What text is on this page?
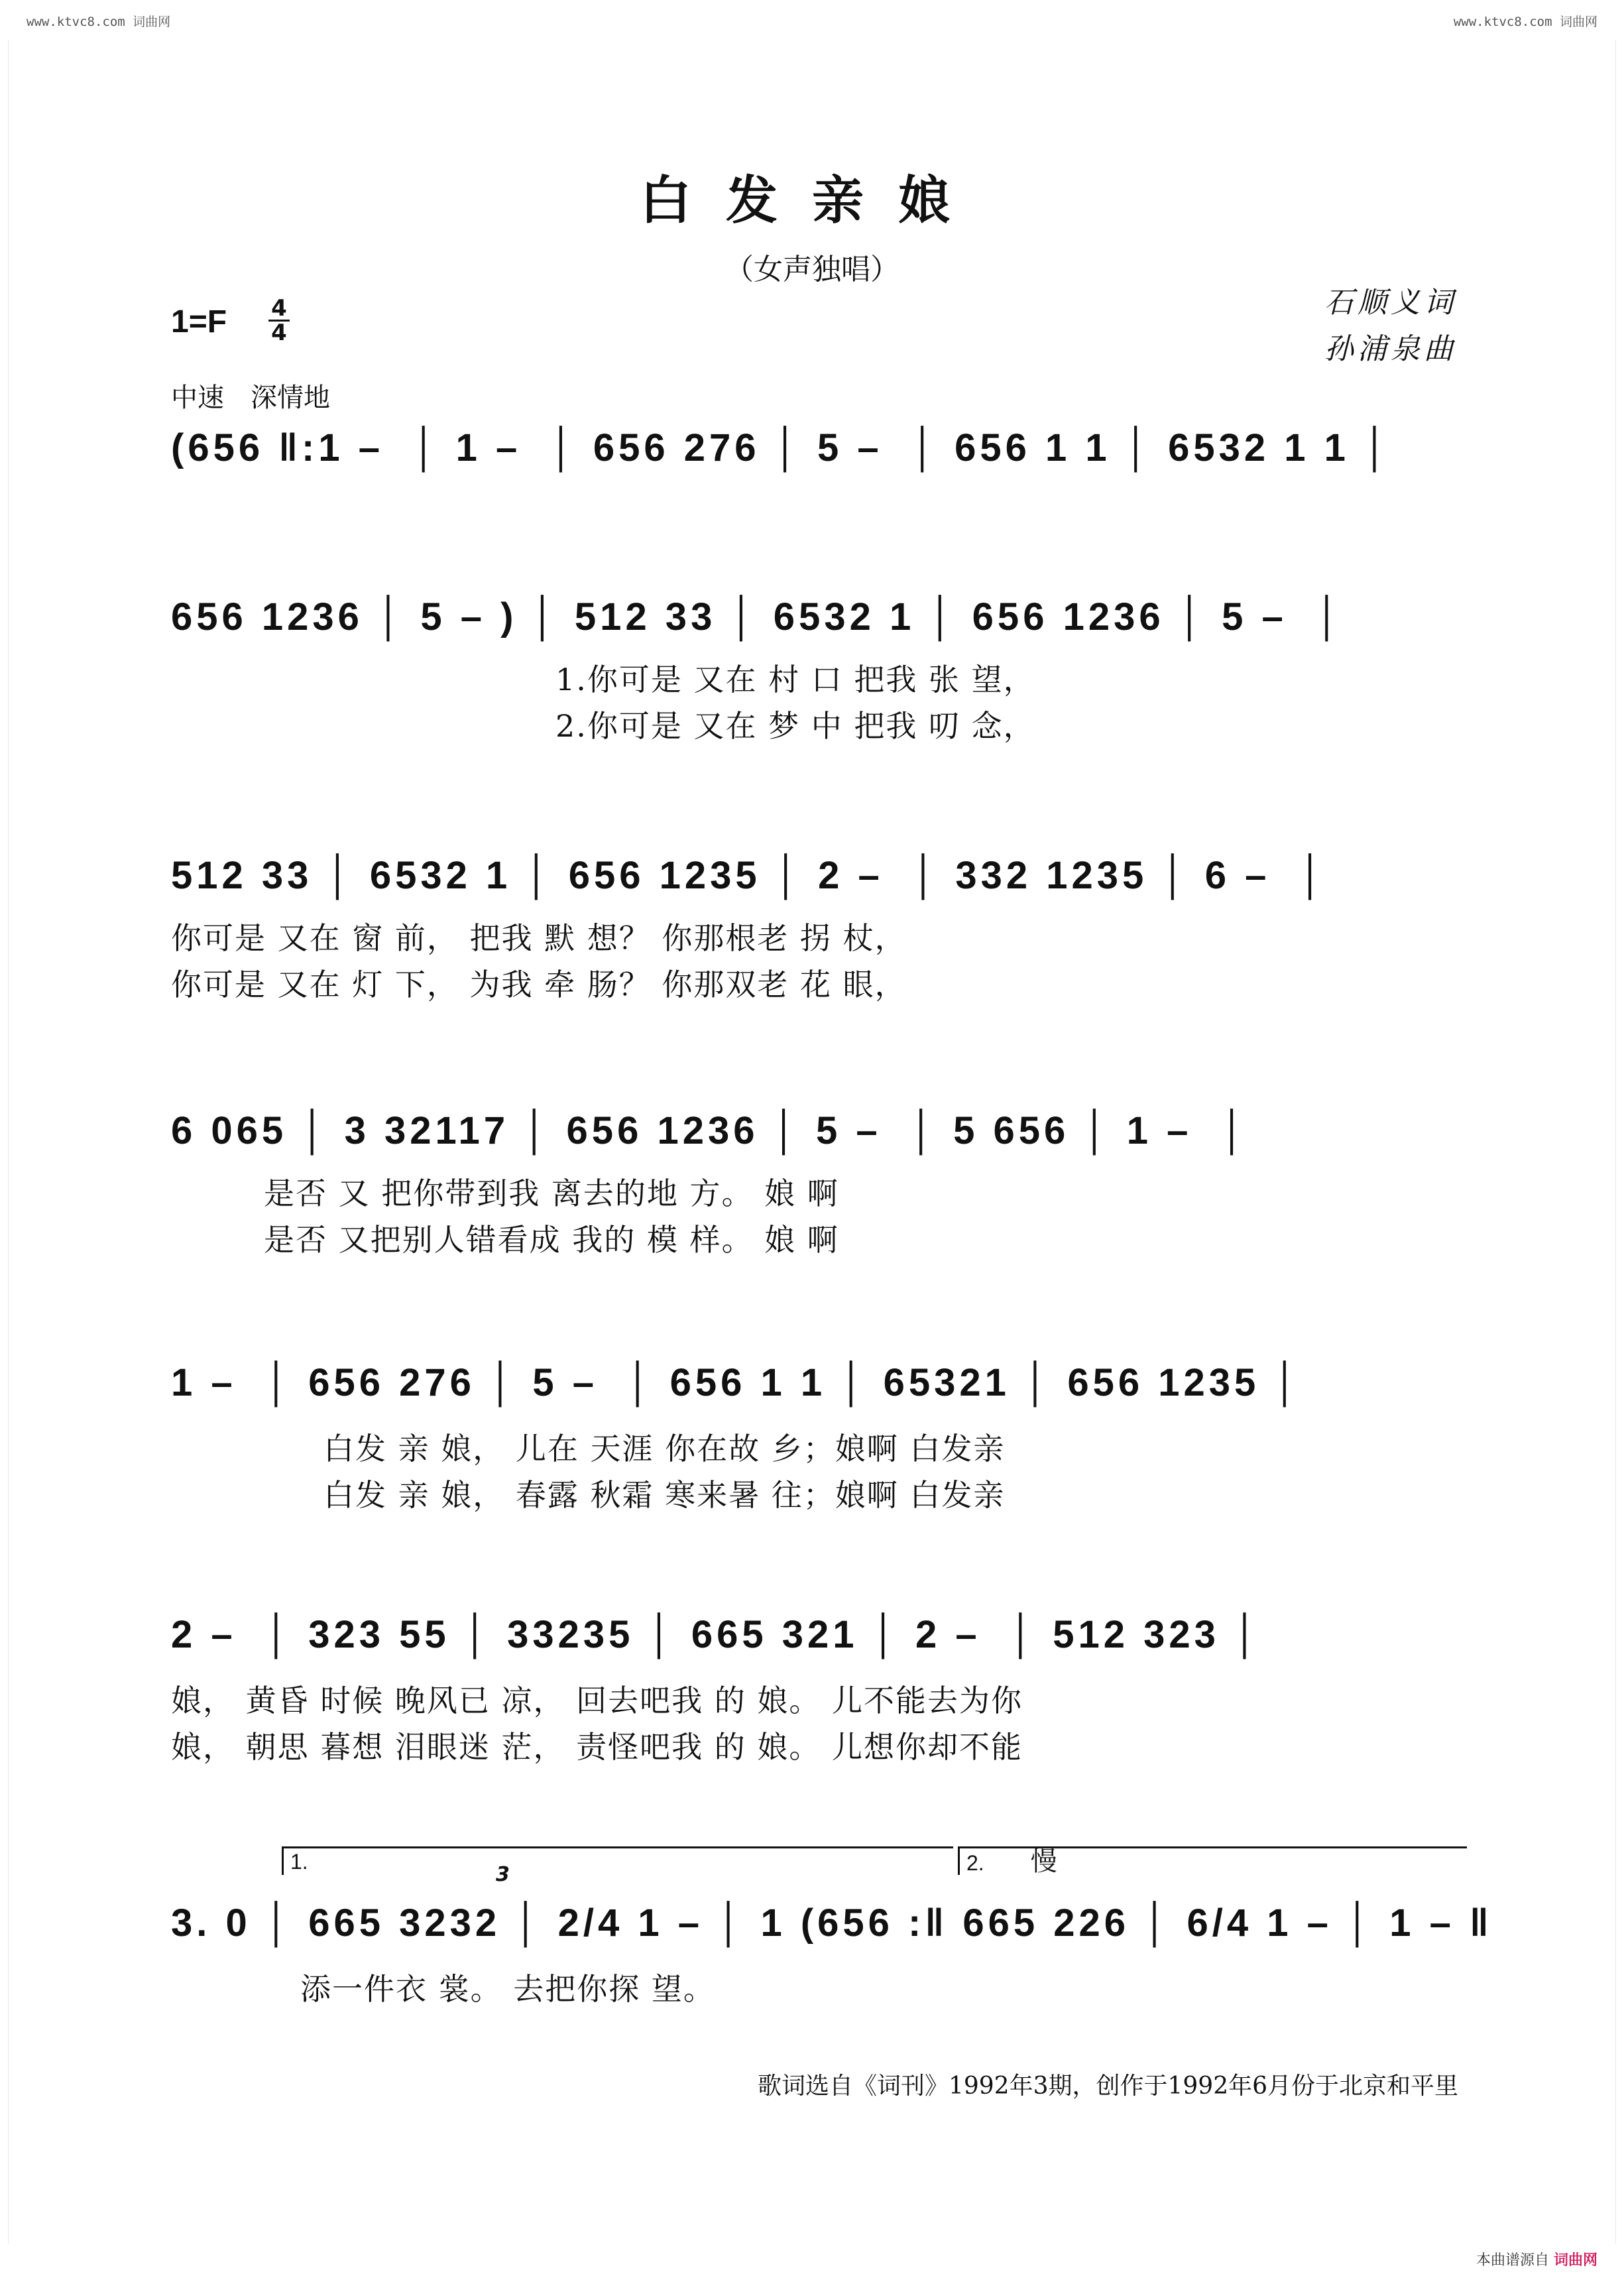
www.ktvc8.com 词曲网	www.ktvc8.com 词曲网
白发亲娘
（女声独唱）
石顺义词
孙浦泉曲
1=F 4
4
中速　深情地
(656 ‖:1 –  │ 1 –  │ 656 276 │ 5 –  │ 656 1 1 │ 6532 1 1 │
656 1236 │ 5 – ) │ 512 33 │ 6532 1 │ 656 1236 │ 5 –  │
1.你可是 又在 村 口 把我 张 望，
2.你可是 又在 梦 中 把我 叨 念，
512 33 │ 6532 1 │ 656 1235 │ 2 –  │ 332 1235 │ 6 –  │
你可是 又在 窗 前， 把我 默 想？ 你那根老 拐 杖，
你可是 又在 灯 下， 为我 牵 肠？ 你那双老 花 眼，
6 065 │ 3 32117 │ 656 1236 │ 5 –  │ 5 656 │ 1 –  │
是否 又 把你带到我 离去的地 方。 娘 啊
是否 又把别人错看成 我的 模 样。 娘 啊
1 –  │ 656 276 │ 5 –  │ 656 1 1 │ 65321 │ 656 1235 │
白发 亲 娘， 儿在 天涯 你在故 乡；娘啊 白发亲
白发 亲 娘， 春露 秋霜 寒来暑 往；娘啊 白发亲
2 –  │ 323 55 │ 33235 │ 665 321 │ 2 –  │ 512 323 │
娘， 黄昏 时候 晚风已 凉， 回去吧我 的 娘。 儿不能去为你
娘， 朝思 暮想 泪眼迷 茫， 责怪吧我 的 娘。 儿想你却不能
1.	2. 慢
3
3. 0 │ 665 3232 │ 2/4 1 – │ 1 (656 :‖ 665 226 │ 6/4 1 – │ 1 – ‖
添一件衣 裳。 去把你探 望。
歌词选自《词刊》1992年3期，创作于1992年6月份于北京和平里
本曲谱源自 词曲网
